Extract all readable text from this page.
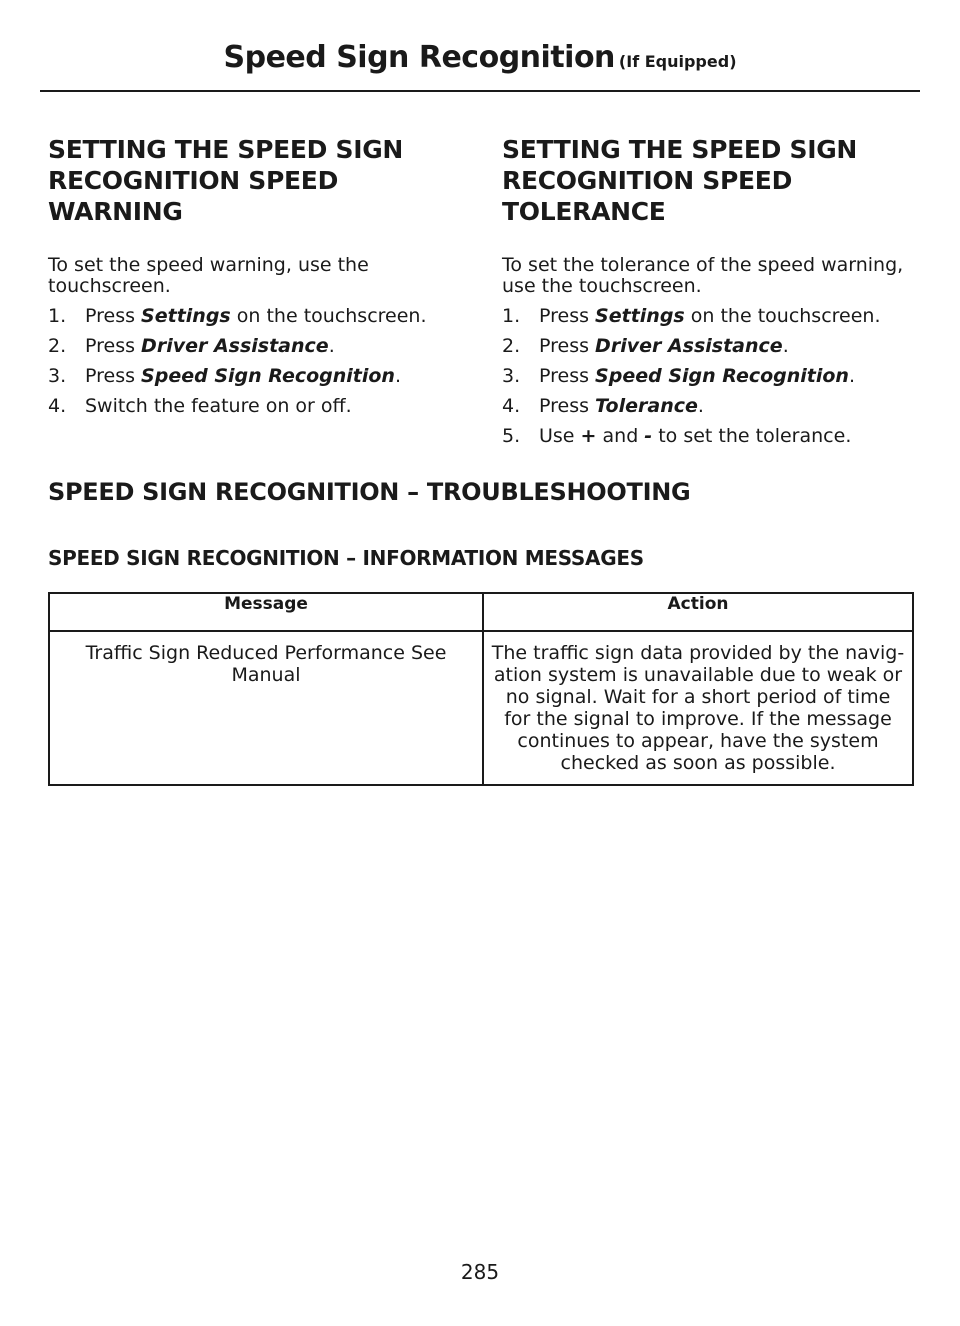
Speed Sign Recognition (If Equipped)
SETTING THE SPEED SIGN RECOGNITION SPEED WARNING

To set the speed warning, use the touchscreen.

1. Press Settings on the touchscreen.
2. Press Driver Assistance.
3. Press Speed Sign Recognition.
4. Switch the feature on or off.
SETTING THE SPEED SIGN RECOGNITION SPEED TOLERANCE

To set the tolerance of the speed warning, use the touchscreen.

1. Press Settings on the touchscreen.
2. Press Driver Assistance.
3. Press Speed Sign Recognition.
4. Press Tolerance.
5. Use + and - to set the tolerance.
SPEED SIGN RECOGNITION – TROUBLESHOOTING
SPEED SIGN RECOGNITION – INFORMATION MESSAGES
Message	Action
Traffic Sign Reduced Performance See Manual	The traffic sign data provided by the navigation system is unavailable due to weak or no signal. Wait for a short period of time for the signal to improve. If the message continues to appear, have the system checked as soon as possible.
285
